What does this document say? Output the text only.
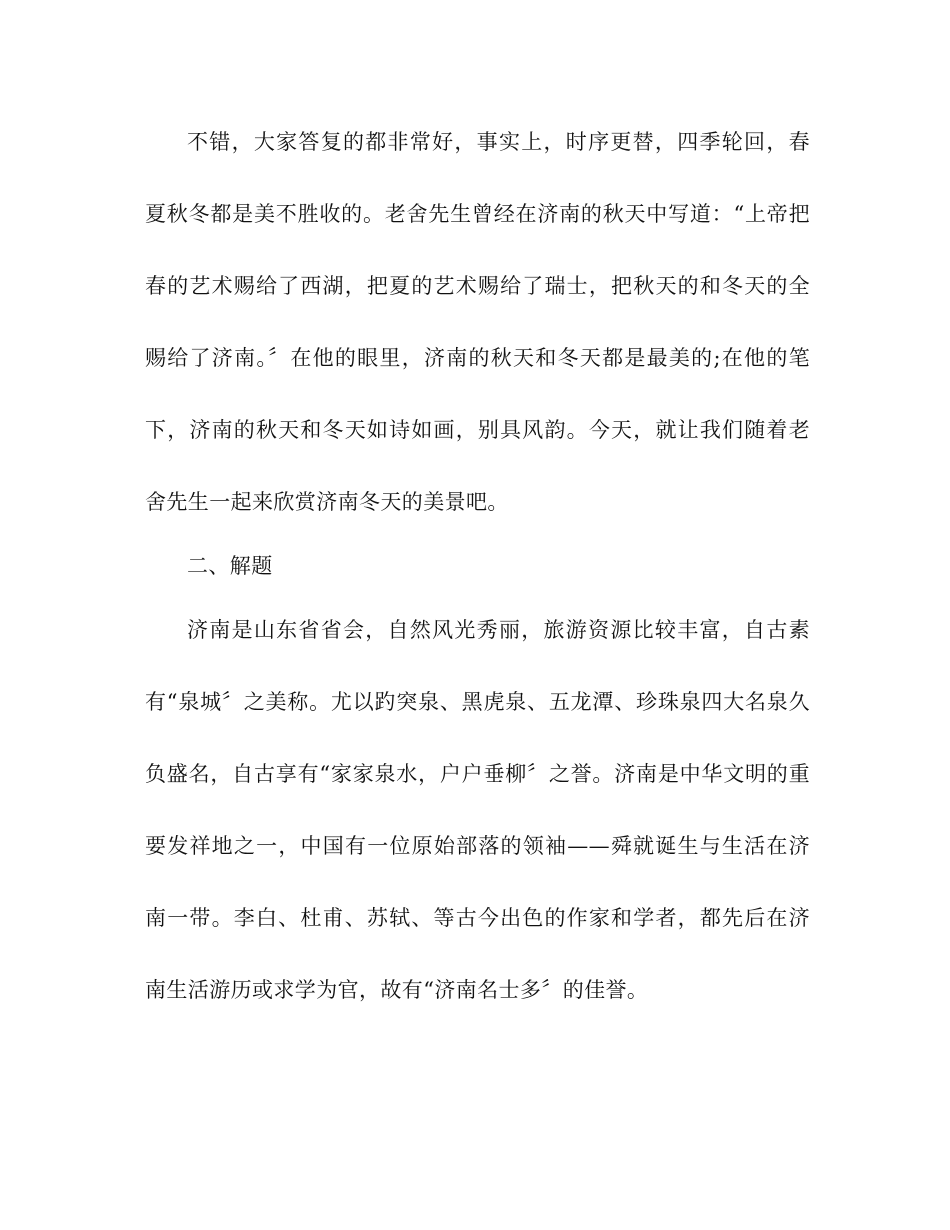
不错，大家答复的都非常好，事实上，时序更替，四季轮回，春
夏秋冬都是美不胜收的。老舍先生曾经在济南的秋天中写道：“上帝把
春的艺术赐给了西湖，把夏的艺术赐给了瑞士，把秋天的和冬天的全
赐给了济南。〞在他的眼里，济南的秋天和冬天都是最美的;在他的笔
下，济南的秋天和冬天如诗如画，别具风韵。今天，就让我们随着老
舍先生一起来欣赏济南冬天的美景吧。
二、解题
济南是山东省省会，自然风光秀丽，旅游资源比较丰富，自古素
有“泉城〞之美称。尤以趵突泉、黑虎泉、五龙潭、珍珠泉四大名泉久
负盛名，自古享有“家家泉水，户户垂柳〞之誉。济南是中华文明的重
要发祥地之一，中国有一位原始部落的领袖——舜就诞生与生活在济
南一带。李白、杜甫、苏轼、等古今出色的作家和学者，都先后在济
南生活游历或求学为官，故有“济南名士多〞的佳誉。
